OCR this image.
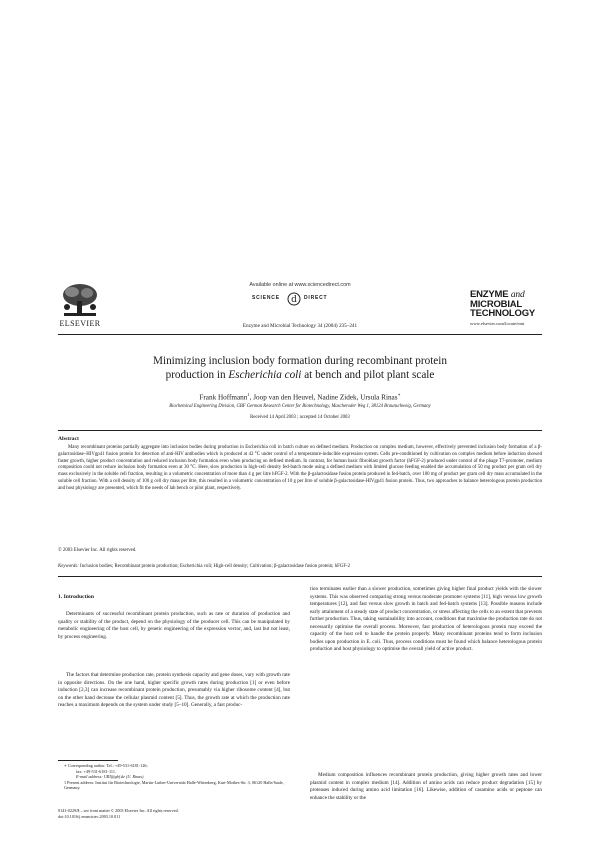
Available online at www.sciencedirect.com
SCIENCE d DIRECT
ELSEVIER	Enzyme and Microbial Technology 34 (2004) 235–241
ENZYME and
MICROBIAL
TECHNOLOGY
www.elsevier.com/locate/emt
Minimizing inclusion body formation during recombinant protein
production in Escherichia coli at bench and pilot plant scale
Frank Hoffmann$^1$, Joop van den Heuvel, Nadine Zidek, Ursula Rinas∗
Biochemical Engineering Division, GBF German Research Center for Biotechnology, Mascheroder Weg 1, 38124 Braunschweig, Germany
Received 14 April 2003 ; accepted 14 October 2003
Abstract
Many recombinant proteins partially aggregate into inclusion bodies during production in Escherichia coli in batch culture on defined medium. Production on complex medium, however, effectively prevented inclusion body formation of a β-galactosidase–HIVgp41 fusion protein for detection of anti-HIV antibodies which is produced at 42 °C under control of a temperature-inducible expression system. Cells pre-conditioned by cultivation on complex medium before induction showed faster growth, higher product concentration and reduced inclusion body formation even when producing on defined medium. In contrast, for human basic fibroblast growth factor (hFGF-2) produced under control of the phage T7-promoter, medium composition could not reduce inclusion body formation even at 30 °C. Here, slow production in high-cell density fed-batch mode using a defined medium with limited glucose feeding enabled the accumulation of 50 mg product per gram cell dry mass exclusively in the soluble cell fraction, resulting in a volumetric concentration of more than 4 g per litre hFGF-2. With the β-galactosidase fusion protein produced in fed-batch, over 100 mg of product per gram cell dry mass accumulated in the soluble cell fraction. With a cell density of 100 g cell dry mass per litre, this resulted in a volumetric concentration of 10 g per litre of soluble β-galactosidase-HIVgp41 fusion protein. Thus, two approaches to balance heterologous protein production and host physiology are presented, which fit the needs of lab bench or pilot plant, respectively.
© 2003 Elsevier Inc. All rights reserved.
Keywords: Inclusion bodies; Recombinant protein production; Escherichia coli; High-cell density; Cultivation; β-galactosidase fusion protein; hFGF-2
1. Introduction
Determinants of successful recombinant protein production, such as rate or duration of production and quality or stability of the product, depend on the physiology of the producer cell. This can be manipulated by metabolic engineering of the host cell, by genetic engineering of the expression vector, and, last but not least, by process engineering.
The factors that determine production rate, protein synthesis capacity and gene doses, vary with growth rate in opposite directions. On the one hand, higher specific growth rates during production [1] or even before induction [2,3] can increase recombinant protein production, presumably via higher ribosome content [4], but on the other hand decrease the cellular plasmid content [5]. Thus, the growth rate at which the production rate reaches a maximum depends on the system under study [5–10]. Generally, a fast produc-
∗ Corresponding author. Tel.: +49-531-6181-126;
fax: +49-531-6181-111.
E-mail address: URI@gbf.de (U. Rinas).
1 Present address: Institut für Biotechnologie, Martin-Luther-Universität Halle-Wittenberg, Kurt-Mothes-Str. 3, 06120 Halle/Saale, Germany.
0141-0229/$ – see front matter © 2003 Elsevier Inc. All rights reserved.
doi:10.1016/j.enzmictec.2003.10.011
tion terminates earlier than a slower production, sometimes giving higher final product yields with the slower systems. This was observed comparing strong versus moderate promoter systems [11], high versus low growth temperatures [12], and fast versus slow growth in batch and fed-batch systems [13]. Possible reasons include early attainment of a steady state of product concentration, or stress affecting the cells to an extent that prevents further production. Thus, taking sustainability into account, conditions that maximise the production rate do not necessarily optimise the overall process. Moreover, fast production of heterologous protein may exceed the capacity of the host cell to handle the protein properly. Many recombinant proteins tend to form inclusion bodies upon production in E. coli. Thus, process conditions must be found which balance heterologous protein production and host physiology to optimise the overall yield of active product.
Medium composition influences recombinant protein production, giving higher growth rates and lower plasmid content in complex medium [14]. Addition of amino acids can reduce product degradation [15] by proteases induced during amino acid limitation [16]. Likewise, addition of casamino acids or peptone can enhance the stability or the
